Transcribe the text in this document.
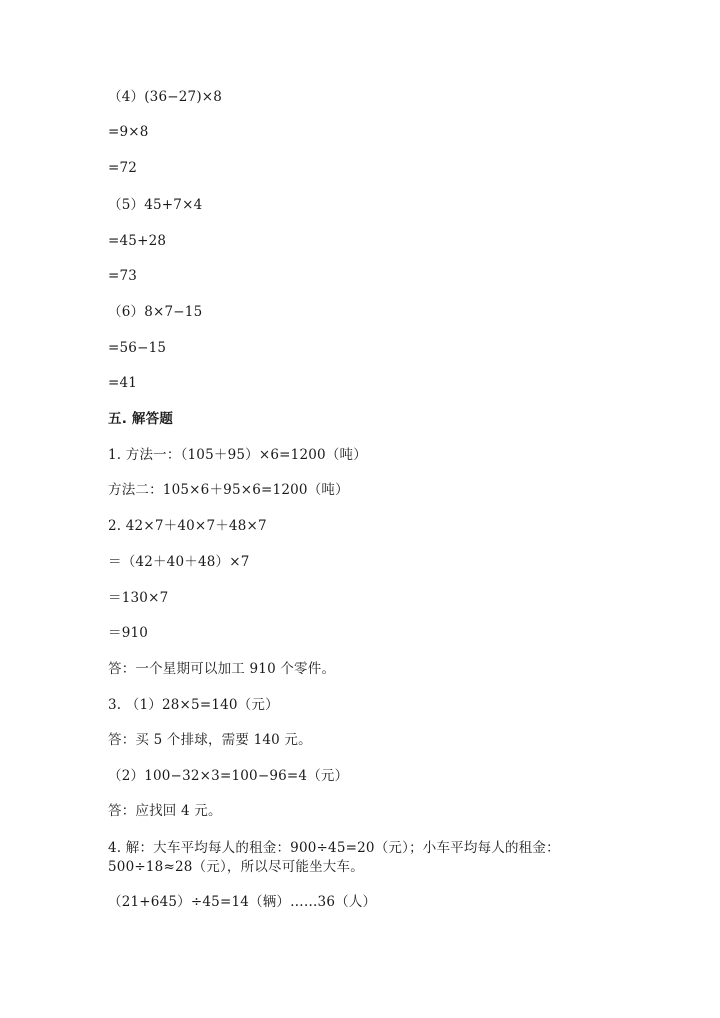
（4）(36−27)×8
=9×8
=72
（5）45+7×4
=45+28
=73
（6）8×7−15
=56−15
=41
五. 解答题
1. 方法一：（105＋95）×6=1200（吨）
方法二：105×6＋95×6=1200（吨）
2. 42×7＋40×7＋48×7
＝（42＋40＋48）×7
＝130×7
＝910
答：一个星期可以加工 910 个零件。
3. （1）28×5=140（元）
答：买 5 个排球，需要 140 元。
（2）100−32×3=100−96=4（元）
答：应找回 4 元。
4. 解：大车平均每人的租金：900÷45=20（元）；小车平均每人的租金：
500÷18≈28（元），所以尽可能坐大车。
（21+645）÷45=14（辆）……36（人）
